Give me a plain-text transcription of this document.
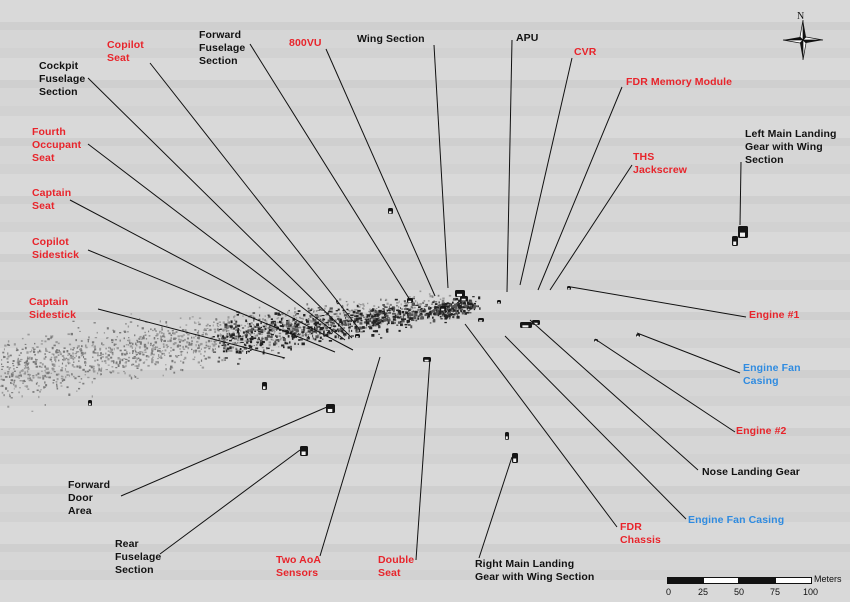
Copilot
Seat
Forward
Fuselage
Section
800VU	Wing Section	APU
CVR
FDR Memory Module
Cockpit
Fuselage
Section
Fourth
Occupant
Seat
Left Main Landing
Gear with Wing
Section
THS
Jackscrew
Captain
Seat
Copilot
Sidestick
Captain
Sidestick	Engine #1
Engine Fan
Casing
Engine #2
Nose Landing Gear
Engine Fan Casing
FDR
Chassis
Forward
Door
Area
Rear
Fuselage
Section
Two AoA
Sensors
Double
Seat
Right Main Landing
Gear with Wing Section
N
Meters
0	25	50	75	100
